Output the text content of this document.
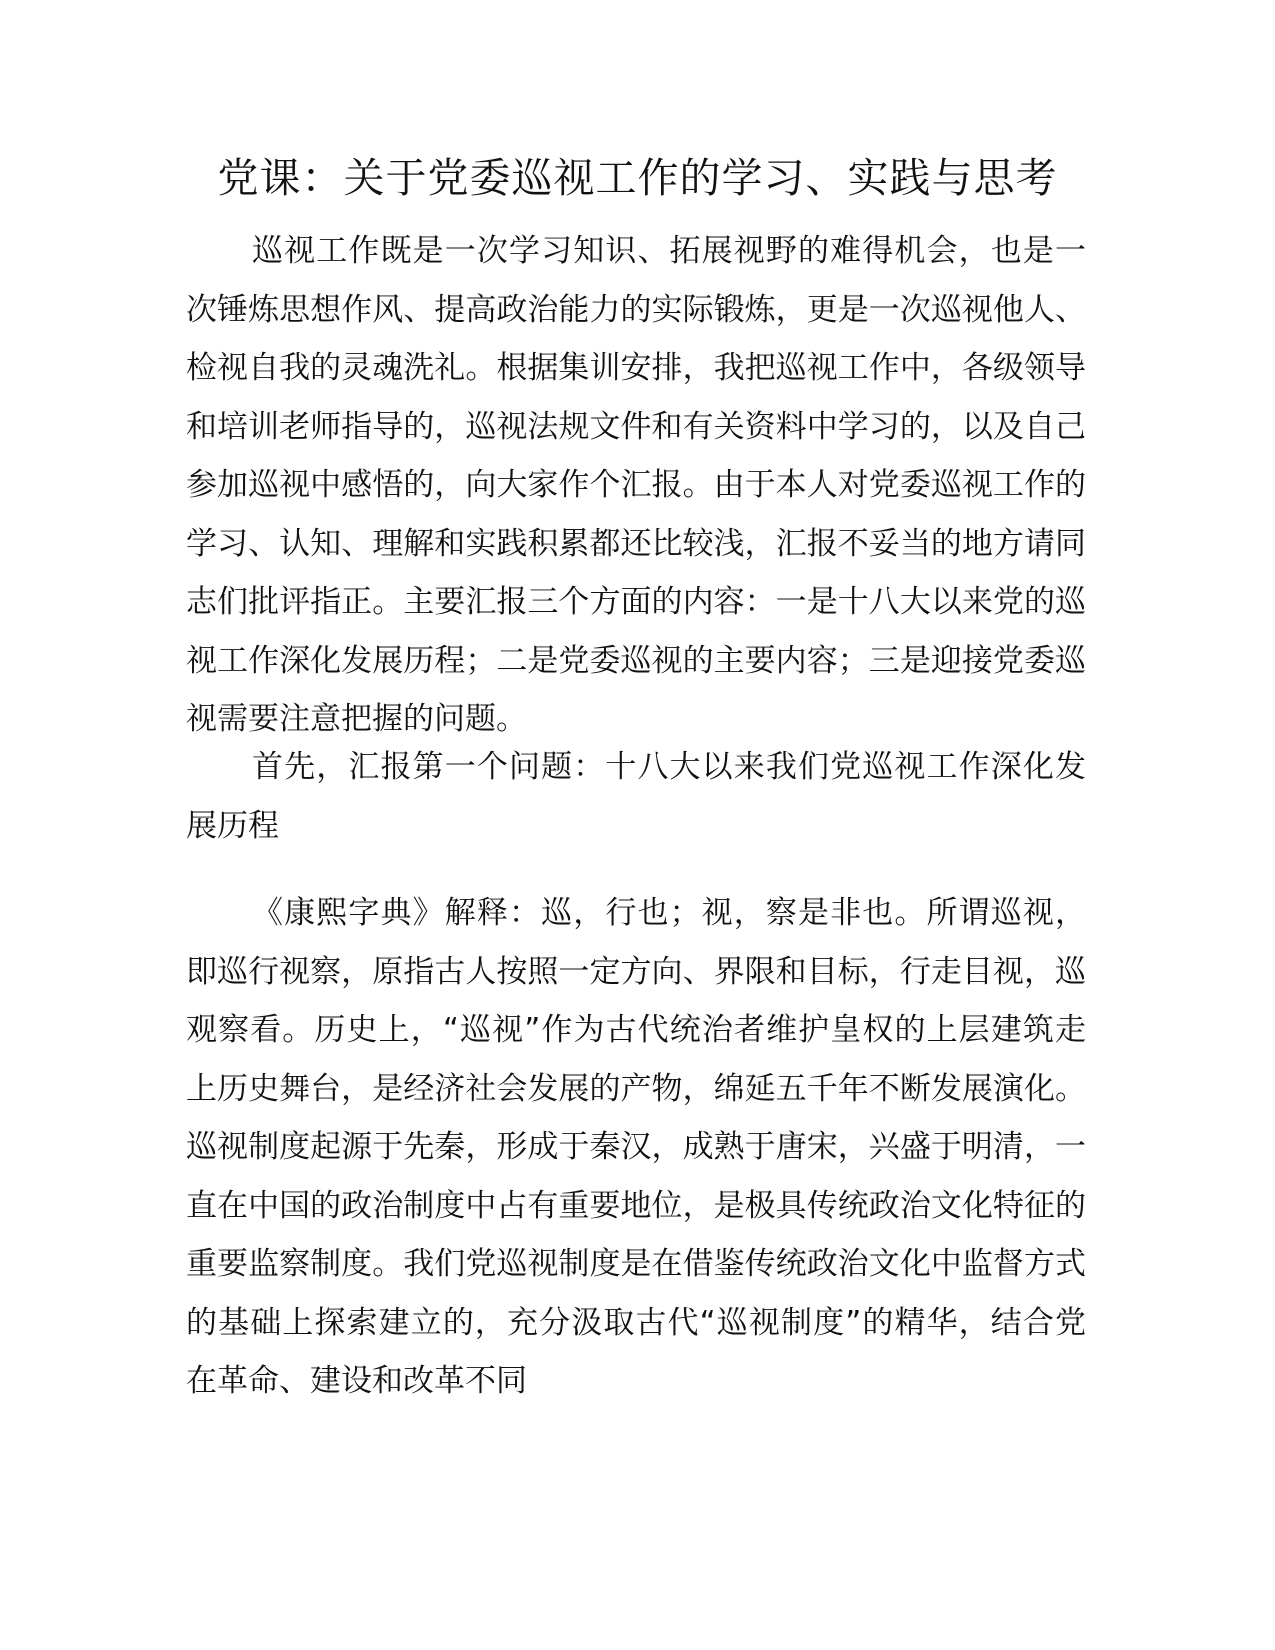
党课：关于党委巡视工作的学习、实践与思考

巡视工作既是一次学习知识、拓展视野的难得机会，也是一次锤炼思想作风、提高政治能力的实际锻炼，更是一次巡视他人、检视自我的灵魂洗礼。根据集训安排，我把巡视工作中，各级领导和培训老师指导的，巡视法规文件和有关资料中学习的，以及自己参加巡视中感悟的，向大家作个汇报。由于本人对党委巡视工作的学习、认知、理解和实践积累都还比较浅，汇报不妥当的地方请同志们批评指正。主要汇报三个方面的内容：一是十八大以来党的巡视工作深化发展历程；二是党委巡视的主要内容；三是迎接党委巡视需要注意把握的问题。

首先，汇报第一个问题：十八大以来我们党巡视工作深化发展历程

《康熙字典》解释：巡，行也；视，察是非也。所谓巡视，即巡行视察，原指古人按照一定方向、界限和目标，行走目视，巡观察看。历史上，“巡视”作为古代统治者维护皇权的上层建筑走上历史舞台，是经济社会发展的产物，绵延五千年不断发展演化。巡视制度起源于先秦，形成于秦汉，成熟于唐宋，兴盛于明清，一直在中国的政治制度中占有重要地位，是极具传统政治文化特征的重要监察制度。我们党巡视制度是在借鉴传统政治文化中监督方式的基础上探索建立的，充分汲取古代“巡视制度”的精华，结合党在革命、建设和改革不同
